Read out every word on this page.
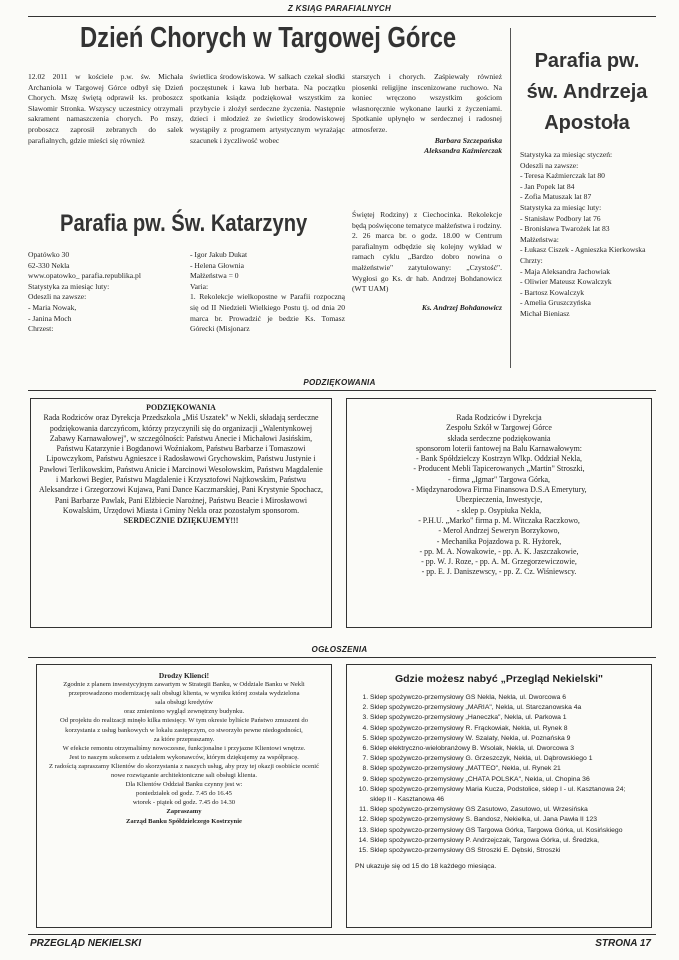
Z KSIĄG PARAFIALNYCH
Dzień Chorych w Targowej Górce

12.02 2011 w kościele p.w. św. Michała Archanioła w Targowej Górce odbył się Dzień Chorych. Mszę świętą odprawił ks. proboszcz Sławomir Stronka. Wszyscy uczestnicy otrzymali sakrament namaszczenia chorych. Po mszy, proboszcz zaprosił zebranych do salek parafialnych, gdzie mieści się również

świetlica środowiskowa. W salkach czekał słodki poczęstunek i kawa lub herbata. Na początku spotkania ksiądz podziękował wszystkim za przybycie i złożył serdeczne życzenia. Następnie dzieci i młodzież ze świetlicy środowiskowej wystąpiły z programem artystycznym wyrażając szacunek i życzliwość wobec

starszych i chorych. Zaśpiewały również piosenki religijne inscenizowane ruchowo. Na koniec wręczono wszystkim gościom własnoręcznie wykonane laurki z życzeniami. Spotkanie upłynęło w serdecznej i radosnej atmosferze.

Barbara Szczepańska

Aleksandra Kaźmierczak

Parafia pw. Św. Katarzyny

Opatówko 30
62-330 Nekla
www.opatowko_ parafia.republika.pl
Statystyka za miesiąc luty:
Odeszli na zawsze:
- Maria Nowak,
- Janina Moch
Chrzest:

- Igor Jakub Dukat
- Helena Głownia
Małżeństwa = 0
Varia:
1. Rekolekcje wielkopostne w Parafii rozpoczną się od II Niedzieli Wielkiego Postu tj. od dnia 20 marca br. Prowadzić je bedzie Ks. Tomasz Górecki (Misjonarz

Świętej Rodziny) z Ciechocinka. Rekolekcje będą poświęcone tematyce małżeństwa i rodziny.
2. 26 marca br. o godz. 18.00 w Centrum parafialnym odbędzie się kolejny wykład w ramach cyklu „Bardzo dobro nowina o małżeństwie" zatytułowany: „Czystość". Wygłosi go Ks. dr hab. Andrzej Bohdanowicz (WT UAM)

Ks. Andrzej Bohdanowicz

Parafia pw.
św. Andrzeja
Apostoła

Statystyka za miesiąc styczeń:
Odeszli na zawsze:
- Teresa Kaźmierczak lat 80
- Jan Popek lat 84
- Zofia Matuszak lat 87
Statystyka za miesiąc luty:
- Stanisław Podbory lat 76
- Bronisława Twarożek lat 83
Małżeństwa:
- Łukasz Ciszek - Agnieszka Kierkowska
Chrzty:
- Maja Aleksandra Jachowiak
- Oliwier Mateusz Kowalczyk
- Bartosz Kowalczyk
- Amelia Gruszczyńska
Michał Bieniasz

PODZIĘKOWANIA

PODZIĘKOWANIA

Rada Rodziców oraz Dyrekcja Przedszkola „Miś Uszatek" w Nekli, składają serdeczne podziękowania darczyńcom, którzy przyczynili się do organizacji „Walentynkowej Zabawy Karnawałowej", w szczególności: Państwu Anecie i Michałowi Jasińskim, Państwu Katarzynie i Bogdanowi Woźniakom, Państwu Barbarze i Tomaszowi Lipowczykom, Państwu Agnieszce i Radosławowi Grychowskim, Państwu Justynie i Pawłowi Terlikowskim, Państwu Anicie i Marcinowi Wesołowskim, Państwu Magdalenie i Markowi Begier, Państwu Magdalenie i Krzysztofowi Najtkowskim, Państwu Aleksandrze i Grzegorzowi Kujawa, Pani Dance Kaczmarskiej, Pani Krystynie Spochacz, Pani Barbarze Pawlak, Pani Elżbiecie Narożnej, Państwu Beacie i Mirosławowi Kowalskim, Urzędowi Miasta i Gminy Nekla oraz pozostałym sponsorom.

SERDECZNIE DZIĘKUJEMY!!!

Rada Rodziców i Dyrekcja
Zespołu Szkół w Targowej Górce
składa serdeczne podziękowania
sponsorom loterii fantowej na Balu Karnawałowym:
- Bank Spółdzielczy Kostrzyn Wlkp. Oddział Nekla,
- Producent Mebli Tapicerowanych „Martin" Stroszki,
- firma „Igmar" Targowa Górka,
- Międzynarodowa Firma Finansowa D.S.A Emerytury,
Ubezpieczenia, Inwestycje,
- sklep p. Osypiuka Nekla,
- P.H.U. „Marko" firma p. M. Witczaka Raczkowo,
- Merol Andrzej Seweryn Borzykowo,
- Mechanika Pojazdowa p. R. Hyżorek,
- pp. M. A. Nowakowie, - pp. A. K. Jaszczakowie,
- pp. W. J. Roze, - pp. A. M. Grzegorzewiczowie,
- pp. E. J. Daniszewscy, - pp. Z. Cz. Wiśniewscy.

OGŁOSZENIA

Drodzy Klienci!

Zgodnie z planem inwestycyjnym zawartym w Strategii Banku, w Oddziale Banku w Nekli przeprowadzono modernizację sali obsługi klienta, w wyniku której została wydzielona
sala obsługi kredytów
oraz zmieniono wygląd zewnętrzny budynku.
Od projektu do realizacji minęło kilka miesięcy. W tym okresie byliście Państwo zmuszeni do korzystania z usług bankowych w lokalu zastępczym, co stworzyło pewne niedogodności,
za które przepraszamy.
W efekcie remontu otrzymaliśmy nowoczesne, funkcjonalne i przyjazne Klientowi wnętrze.
Jest to naszym sukcesem z udziałem wykonawców, którym dziękujemy za współpracę.
Z radością zapraszamy Klientów do skorzystania z naszych usług, aby przy tej okazji osobiście ocenić nowe rozwiązanie architektoniczne sali obsługi klienta.
Dla Klientów Oddział Banku czynny jest w:
poniedziałek od godz. 7.45 do 16.45
wtorek - piątek od godz. 7.45 do 14.30

Zapraszamy

Zarząd Banku Spółdzielczego Kostrzynie

Gdzie możesz nabyć „Przegląd Nekielski"
1. Sklep spożywczo-przemysłowy GS Nekla, Nekla, ul. Dworcowa 6
2. Sklep spożywczo-przemysłowy „MARIA", Nekla, ul. Starczanowska 4a
3. Sklep spożywczo-przemysłowy „Haneczka", Nekla, ul. Parkowa 1
4. Sklep spożywczo-przemysłowy R. Frąckowiak, Nekla, ul. Rynek 8
5. Sklep spożywczo-przemysłowy W. Szalaty, Nekla, ul. Poznańska 9
6. Sklep elektryczno-wielobranżowy B. Wsolak, Nekla, ul. Dworcowa 3
7. Sklep spożywczo-przemysłowy G. Grzeszczyk, Nekla, ul. Dąbrowskiego 1
8. Sklep spożywczo-przemysłowy „MATTEO", Nekla, ul. Rynek 21
9. Sklep spożywczo-przemysłowy „CHATA POLSKA", Nekla, ul. Chopina 36
10. Sklep spożywczo-przemysłowy Maria Kucza, Podstolice, sklep I - ul. Kasztanowa 24; sklep II - Kasztanowa 46
11. Sklep spożywczo-przemysłowy GS Zasutowo, Zasutowo, ul. Wrzesińska
12. Sklep spożywczo-przemysłowy S. Bandosz, Nekielka, ul. Jana Pawła II 123
13. Sklep spożywczo-przemysłowy GS Targowa Górka, Targowa Górka, ul. Kosińskiego
14. Sklep spożywczo-przemysłowy P. Andrzejczak, Targowa Górka, ul. Średzka,
15. Sklep spożywczo-przemysłowy GS Stroszki E. Dębski, Stroszki
PN ukazuje się od 15 do 18 każdego miesiąca.
PRZEGLĄD NEKIELSKI	STRONA 17
